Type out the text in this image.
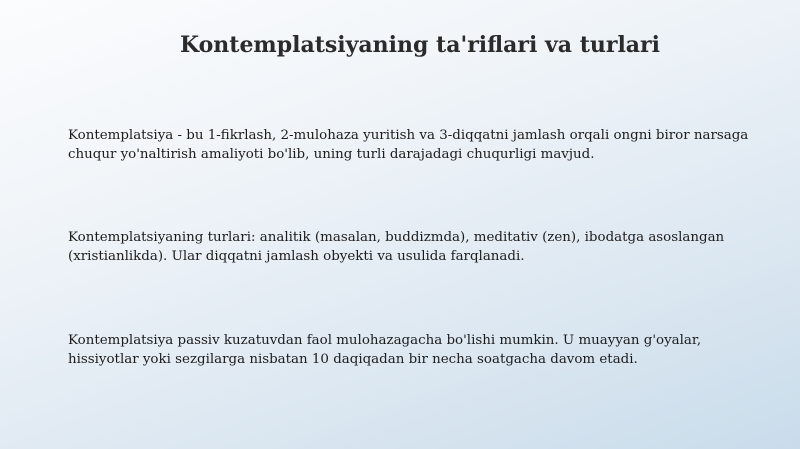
Kontemplatsiyaning ta'riflari va turlari

Kontemplatsiya - bu 1-fikrlash, 2-mulohaza yuritish va 3-diqqatni jamlash orqali ongni biror narsaga chuqur yo'naltirish amaliyoti bo'lib, uning turli darajadagi chuqurligi mavjud.

Kontemplatsiyaning turlari: analitik (masalan, buddizmda), meditativ (zen), ibodatga asoslangan (xristianlikda). Ular diqqatni jamlash obyekti va usulida farqlanadi.

Kontemplatsiya passiv kuzatuvdan faol mulohazagacha bo'lishi mumkin. U muayyan g'oyalar, hissiyotlar yoki sezgilarga nisbatan 10 daqiqadan bir necha soatgacha davom etadi.
